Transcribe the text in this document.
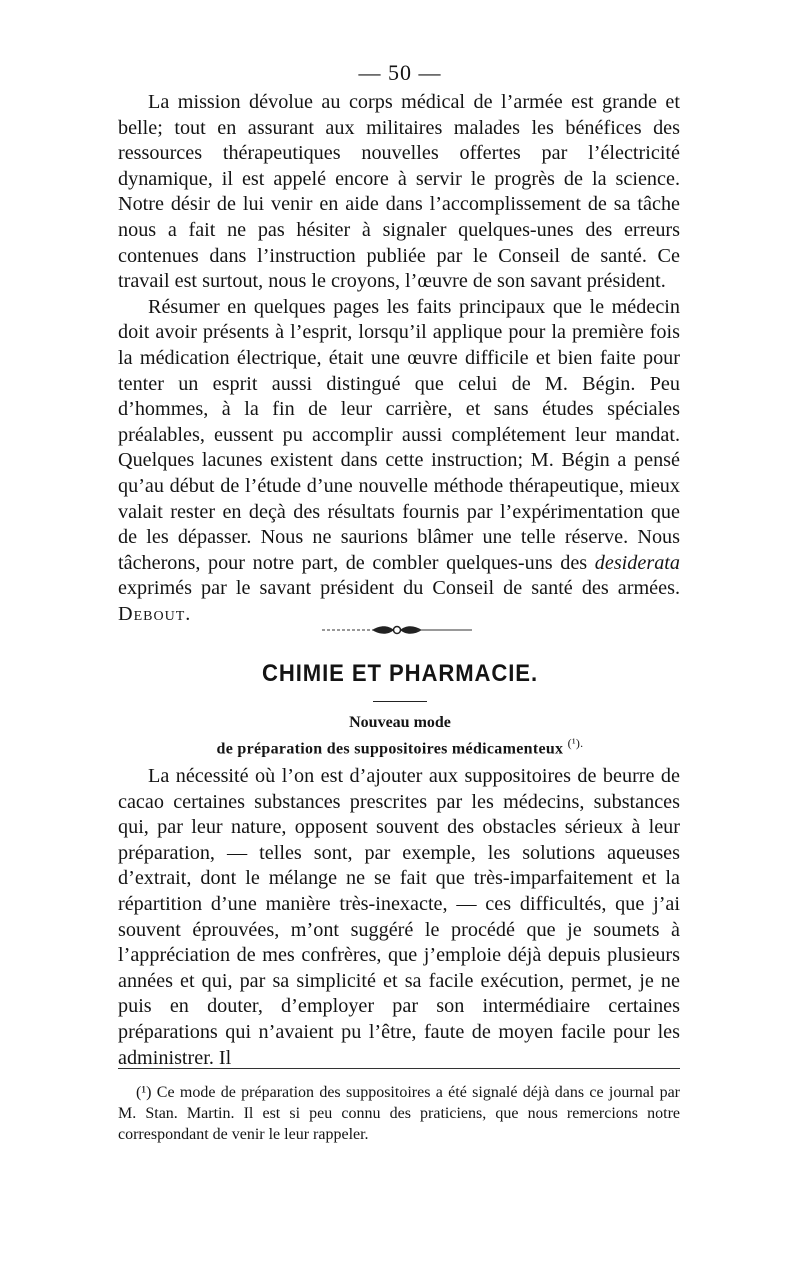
— 50 —

La mission dévolue au corps médical de l’armée est grande et belle; tout en assurant aux militaires malades les bénéfices des ressources thérapeutiques nouvelles offertes par l’électricité dynamique, il est appelé encore à servir le progrès de la science. Notre désir de lui venir en aide dans l’accomplissement de sa tâche nous a fait ne pas hésiter à signaler quelques-unes des erreurs contenues dans l’instruction publiée par le Conseil de santé. Ce travail est surtout, nous le croyons, l’œuvre de son savant président.

Résumer en quelques pages les faits principaux que le médecin doit avoir présents à l’esprit, lorsqu’il applique pour la première fois la médication électrique, était une œuvre difficile et bien faite pour tenter un esprit aussi distingué que celui de M. Bégin. Peu d’hommes, à la fin de leur carrière, et sans études spéciales préalables, eussent pu accomplir aussi complétement leur mandat. Quelques lacunes existent dans cette instruction; M. Bégin a pensé qu’au début de l’étude d’une nouvelle méthode thérapeutique, mieux valait rester en deçà des résultats fournis par l’expérimentation que de les dépasser. Nous ne saurions blâmer une telle réserve. Nous tâcherons, pour notre part, de combler quelques-uns des desiderata exprimés par le savant président du Conseil de santé des armées. Debout.

CHIMIE ET PHARMACIE.
Nouveau mode
de préparation des suppositoires médicamenteux $^{(^1).}$

La nécessité où l’on est d’ajouter aux suppositoires de beurre de cacao certaines substances prescrites par les médecins, substances qui, par leur nature, opposent souvent des obstacles sérieux à leur préparation, — telles sont, par exemple, les solutions aqueuses d’extrait, dont le mélange ne se fait que très-imparfaitement et la répartition d’une manière très-inexacte, — ces difficultés, que j’ai souvent éprouvées, m’ont suggéré le procédé que je soumets à l’appréciation de mes confrères, que j’emploie déjà depuis plusieurs années et qui, par sa simplicité et sa facile exécution, permet, je ne puis en douter, d’employer par son intermédiaire certaines préparations qui n’avaient pu l’être, faute de moyen facile pour les administrer. Il

(¹) Ce mode de préparation des suppositoires a été signalé déjà dans ce journal par M. Stan. Martin. Il est si peu connu des praticiens, que nous remercions notre correspondant de venir le leur rappeler.
